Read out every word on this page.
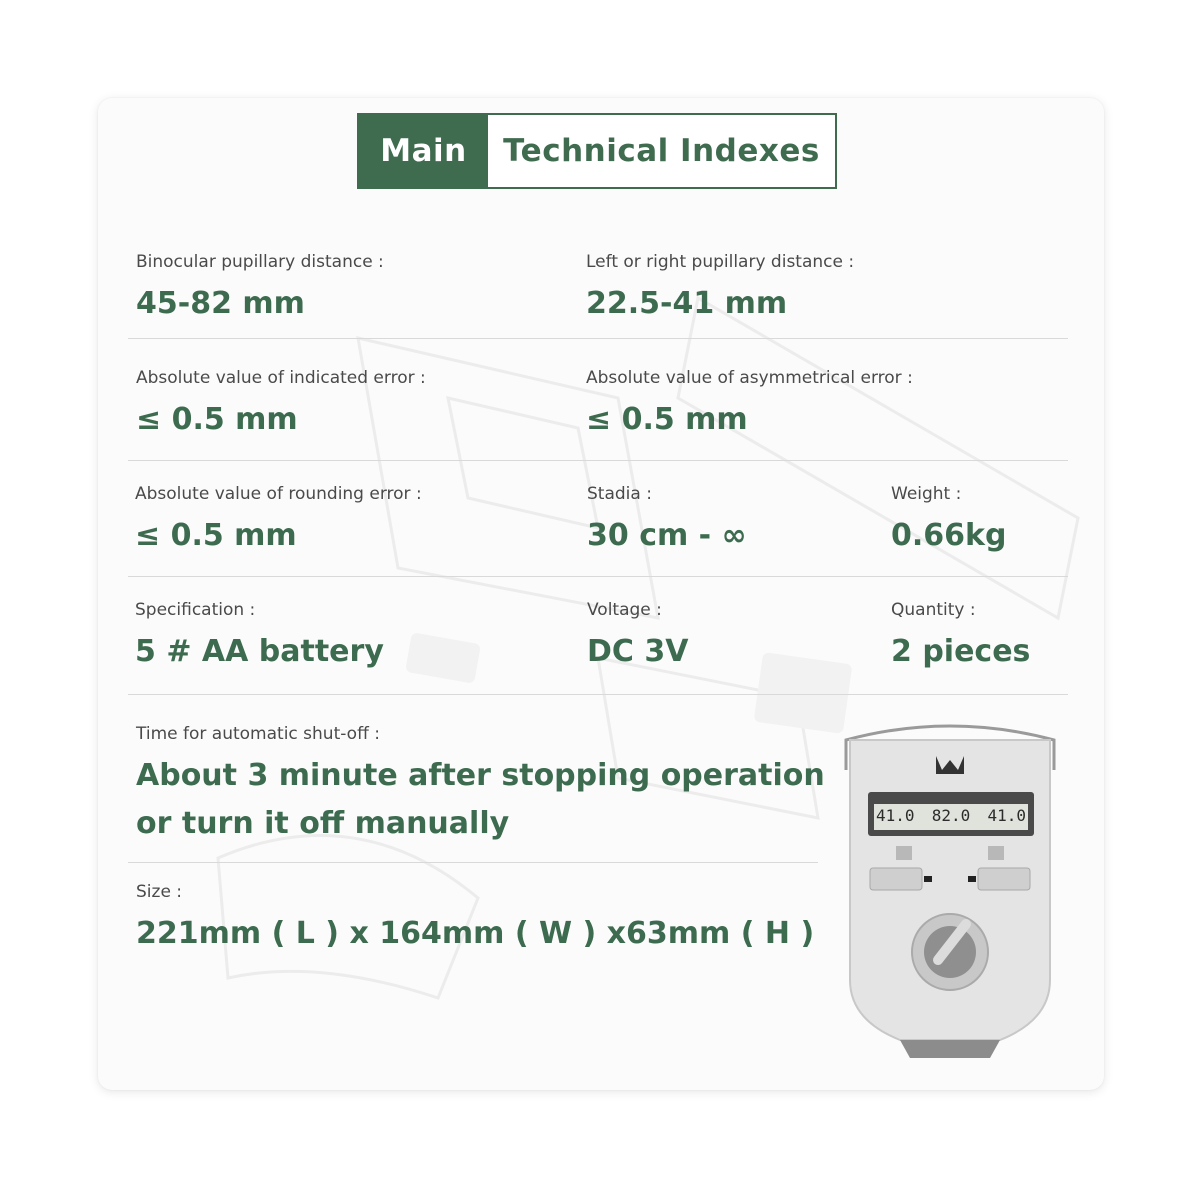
Main	Technical Indexes
Binocular pupillary distance :
45-82 mm
Left or right pupillary distance :
22.5-41 mm
Absolute value of indicated error :
≤ 0.5 mm
Absolute value of asymmetrical error :
≤ 0.5 mm
Absolute value of rounding error :
≤ 0.5 mm
Stadia :
30 cm - ∞
Weight :
0.66kg
Specification :
5 # AA battery
Voltage :
DC 3V
Quantity :
2 pieces
Time for automatic shut-off :
About 3 minute after stopping operation
or turn it off manually
Size :
221mm ( L ) x 164mm ( W ) x63mm ( H )
41.0 82.0 41.0
